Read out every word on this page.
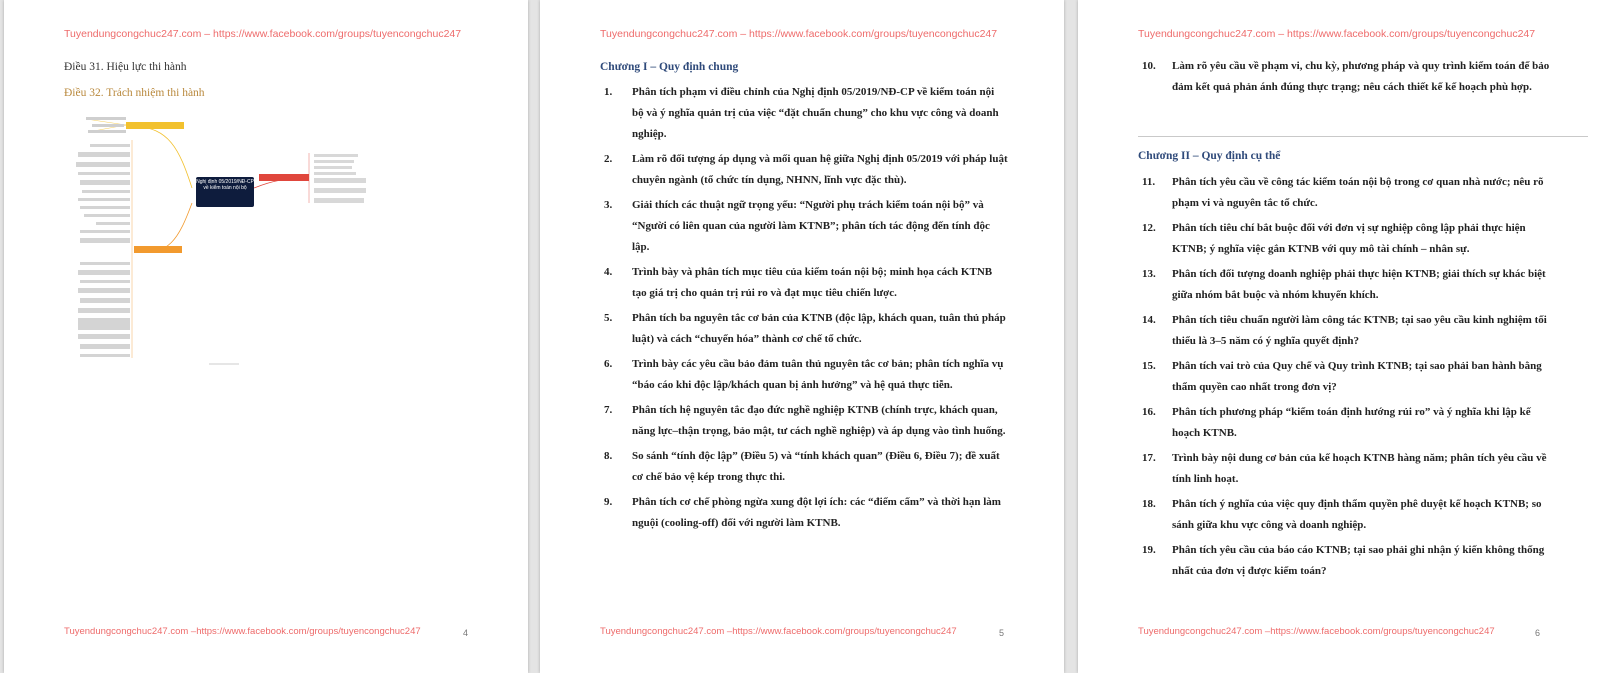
Tuyendungcongchuc247.com – https://www.facebook.com/groups/tuyencongchuc247
Điều 31. Hiệu lực thi hành
Điều 32. Trách nhiệm thi hành
Nghị định 05/2019/NĐ-CP về kiểm toán nội bộ
Tuyendungcongchuc247.com –https://www.facebook.com/groups/tuyencongchuc247	4
Tuyendungcongchuc247.com – https://www.facebook.com/groups/tuyencongchuc247
Chương I – Quy định chung
1. Phân tích phạm vi điều chỉnh của Nghị định 05/2019/NĐ-CP về kiểm toán nội bộ và ý nghĩa quản trị của việc “đặt chuẩn chung” cho khu vực công và doanh nghiệp.
2. Làm rõ đối tượng áp dụng và mối quan hệ giữa Nghị định 05/2019 với pháp luật chuyên ngành (tổ chức tín dụng, NHNN, lĩnh vực đặc thù).
3. Giải thích các thuật ngữ trọng yếu: “Người phụ trách kiểm toán nội bộ” và “Người có liên quan của người làm KTNB”; phân tích tác động đến tính độc lập.
4. Trình bày và phân tích mục tiêu của kiểm toán nội bộ; minh họa cách KTNB tạo giá trị cho quản trị rủi ro và đạt mục tiêu chiến lược.
5. Phân tích ba nguyên tắc cơ bản của KTNB (độc lập, khách quan, tuân thủ pháp luật) và cách “chuyển hóa” thành cơ chế tổ chức.
6. Trình bày các yêu cầu bảo đảm tuân thủ nguyên tắc cơ bản; phân tích nghĩa vụ “báo cáo khi độc lập/khách quan bị ảnh hưởng” và hệ quả thực tiễn.
7. Phân tích hệ nguyên tắc đạo đức nghề nghiệp KTNB (chính trực, khách quan, năng lực–thận trọng, bảo mật, tư cách nghề nghiệp) và áp dụng vào tình huống.
8. So sánh “tính độc lập” (Điều 5) và “tính khách quan” (Điều 6, Điều 7); đề xuất cơ chế bảo vệ kép trong thực thi.
9. Phân tích cơ chế phòng ngừa xung đột lợi ích: các “điểm cấm” và thời hạn làm nguội (cooling-off) đối với người làm KTNB.
Tuyendungcongchuc247.com –https://www.facebook.com/groups/tuyencongchuc247	5
Tuyendungcongchuc247.com – https://www.facebook.com/groups/tuyencongchuc247
10. Làm rõ yêu cầu về phạm vi, chu kỳ, phương pháp và quy trình kiểm toán để bảo đảm kết quả phản ánh đúng thực trạng; nêu cách thiết kế kế hoạch phù hợp.
Chương II – Quy định cụ thể
11. Phân tích yêu cầu về công tác kiểm toán nội bộ trong cơ quan nhà nước; nêu rõ phạm vi và nguyên tắc tổ chức.
12. Phân tích tiêu chí bắt buộc đối với đơn vị sự nghiệp công lập phải thực hiện KTNB; ý nghĩa việc gắn KTNB với quy mô tài chính – nhân sự.
13. Phân tích đối tượng doanh nghiệp phải thực hiện KTNB; giải thích sự khác biệt giữa nhóm bắt buộc và nhóm khuyến khích.
14. Phân tích tiêu chuẩn người làm công tác KTNB; tại sao yêu cầu kinh nghiệm tối thiểu là 3–5 năm có ý nghĩa quyết định?
15. Phân tích vai trò của Quy chế và Quy trình KTNB; tại sao phải ban hành bằng thẩm quyền cao nhất trong đơn vị?
16. Phân tích phương pháp “kiểm toán định hướng rủi ro” và ý nghĩa khi lập kế hoạch KTNB.
17. Trình bày nội dung cơ bản của kế hoạch KTNB hàng năm; phân tích yêu cầu về tính linh hoạt.
18. Phân tích ý nghĩa của việc quy định thẩm quyền phê duyệt kế hoạch KTNB; so sánh giữa khu vực công và doanh nghiệp.
19. Phân tích yêu cầu của báo cáo KTNB; tại sao phải ghi nhận ý kiến không thống nhất của đơn vị được kiểm toán?
Tuyendungcongchuc247.com –https://www.facebook.com/groups/tuyencongchuc247	6
